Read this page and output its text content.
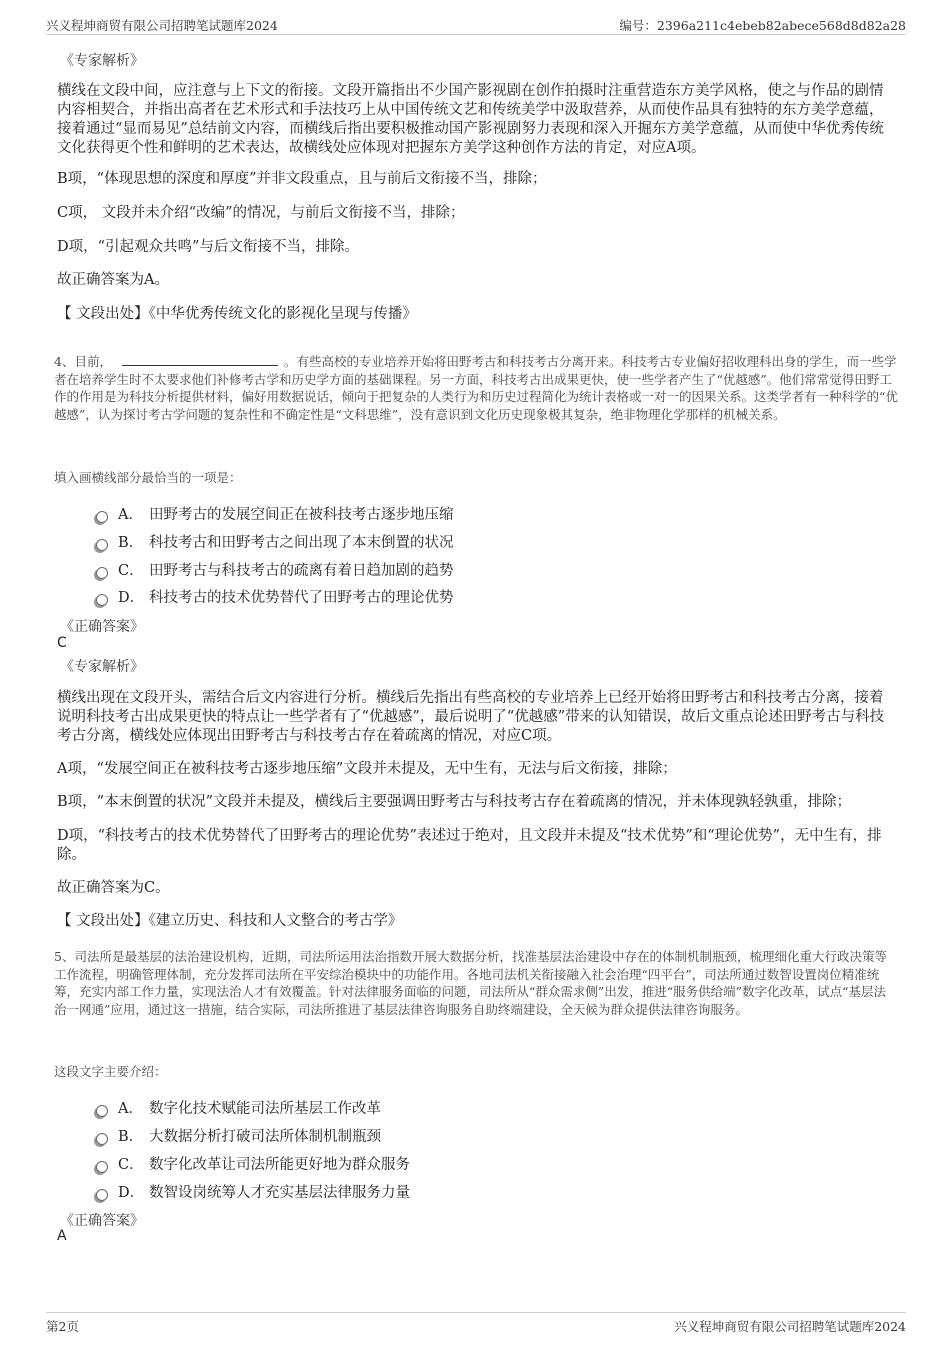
兴义程坤商贸有限公司招聘笔试题库2024	编号：2396a211c4ebeb82abece568d8d82a28
《专家解析》
横线在文段中间，应注意与上下文的衔接。文段开篇指出不少国产影视剧在创作拍摄时注重营造东方美学风格，使之与作品的剧情内容相契合，并指出高者在艺术形式和手法技巧上从中国传统文艺和传统美学中汲取营养，从而使作品具有独特的东方美学意蕴，接着通过“显而易见”总结前文内容，而横线后指出要积极推动国产影视剧努力表现和深入开掘东方美学意蕴，从而使中华优秀传统文化获得更个性和鲜明的艺术表达，故横线处应体现对把握东方美学这种创作方法的肯定，对应A项。
B项，“体现思想的深度和厚度”并非文段重点，且与前后文衔接不当，排除；
C项， 文段并未介绍“改编”的情况，与前后文衔接不当，排除；
D项，“引起观众共鸣”与后文衔接不当，排除。
故正确答案为A。
【 文段出处】《中华优秀传统文化的影视化呈现与传播》
4、目前，	。有些高校的专业培养开始将田野考古和科技考古分离开来。科技考古专业偏好招收理科出身的学生，而一些学者在培养学生时不太要求他们补修考古学和历史学方面的基础课程。另一方面，科技考古出成果更快，使一些学者产生了“优越感”。他们常常觉得田野工作的作用是为科技分析提供材料，偏好用数据说话，倾向于把复杂的人类行为和历史过程简化为统计表格或一对一的因果关系。这类学者有一种科学的“优越感”，认为探讨考古学问题的复杂性和不确定性是“文科思维”，没有意识到文化历史现象极其复杂，绝非物理化学那样的机械关系。
填入画横线部分最恰当的一项是：
A． 田野考古的发展空间正在被科技考古逐步地压缩
B． 科技考古和田野考古之间出现了本末倒置的状况
C． 田野考古与科技考古的疏离有着日趋加剧的趋势
D． 科技考古的技术优势替代了田野考古的理论优势
《正确答案》
C
《专家解析》
横线出现在文段开头，需结合后文内容进行分析。横线后先指出有些高校的专业培养上已经开始将田野考古和科技考古分离，接着说明科技考古出成果更快的特点让一些学者有了“优越感”，最后说明了“优越感”带来的认知错误，故后文重点论述田野考古与科技考古分离，横线处应体现出田野考古与科技考古存在着疏离的情况，对应C项。
A项，“发展空间正在被科技考古逐步地压缩”文段并未提及，无中生有，无法与后文衔接，排除；
B项，“本末倒置的状况”文段并未提及，横线后主要强调田野考古与科技考古存在着疏离的情况，并未体现孰轻孰重，排除；
D项，“科技考古的技术优势替代了田野考古的理论优势”表述过于绝对，且文段并未提及“技术优势”和“理论优势”，无中生有，排除。
故正确答案为C。
【 文段出处】《建立历史、科技和人文整合的考古学》
5、司法所是最基层的法治建设机构，近期，司法所运用法治指数开展大数据分析，找准基层法治建设中存在的体制机制瓶颈，梳理细化重大行政决策等工作流程，明确管理体制，充分发挥司法所在平安综治模块中的功能作用。各地司法机关衔接融入社会治理“四平台”，司法所通过数智设置岗位精准统筹，充实内部工作力量，实现法治人才有效覆盖。针对法律服务面临的问题，司法所从“群众需求侧”出发，推进“服务供给端”数字化改革，试点“基层法治一网通”应用，通过这一措施，结合实际，司法所推进了基层法律咨询服务自助终端建设，全天候为群众提供法律咨询服务。
这段文字主要介绍：
A． 数字化技术赋能司法所基层工作改革
B． 大数据分析打破司法所体制机制瓶颈
C． 数字化改革让司法所能更好地为群众服务
D． 数智设岗统筹人才充实基层法律服务力量
《正确答案》
A
第2页	兴义程坤商贸有限公司招聘笔试题库2024
